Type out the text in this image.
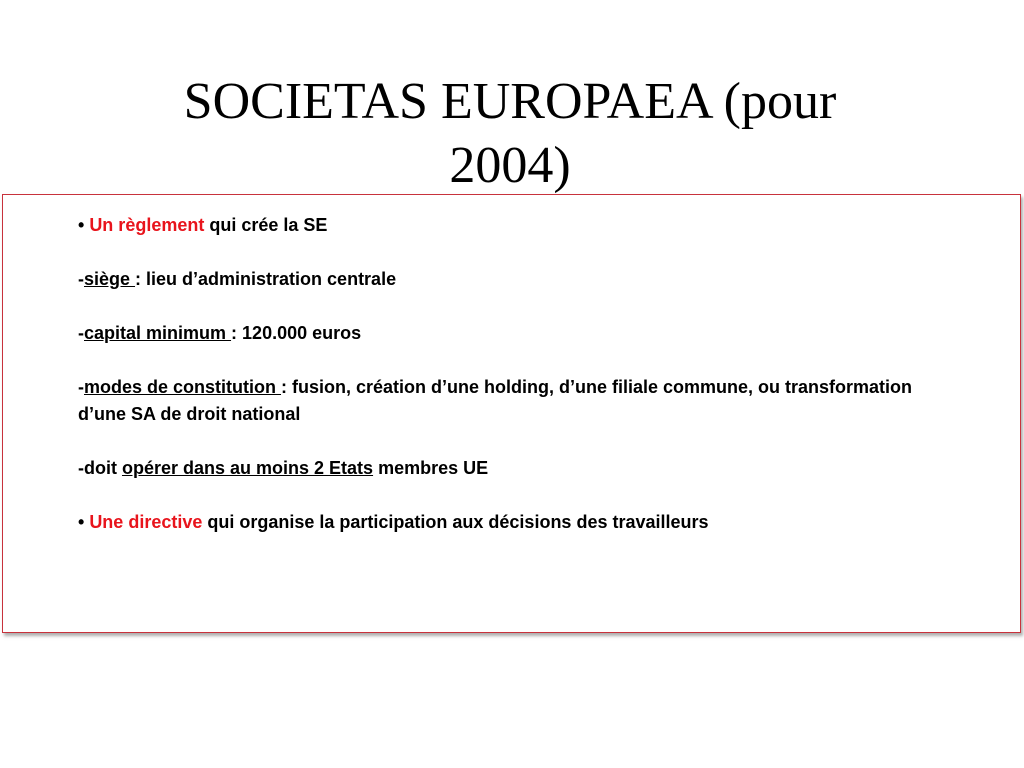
SOCIETAS EUROPAEA (pour 2004)

• Un règlement qui crée la SE

-siège : lieu d’administration centrale

-capital minimum : 120.000 euros

-modes de constitution : fusion, création d’une holding, d’une filiale commune, ou transformation d’une SA de droit national

-doit opérer dans au moins 2 Etats membres UE

• Une directive qui organise la participation aux décisions des travailleurs
